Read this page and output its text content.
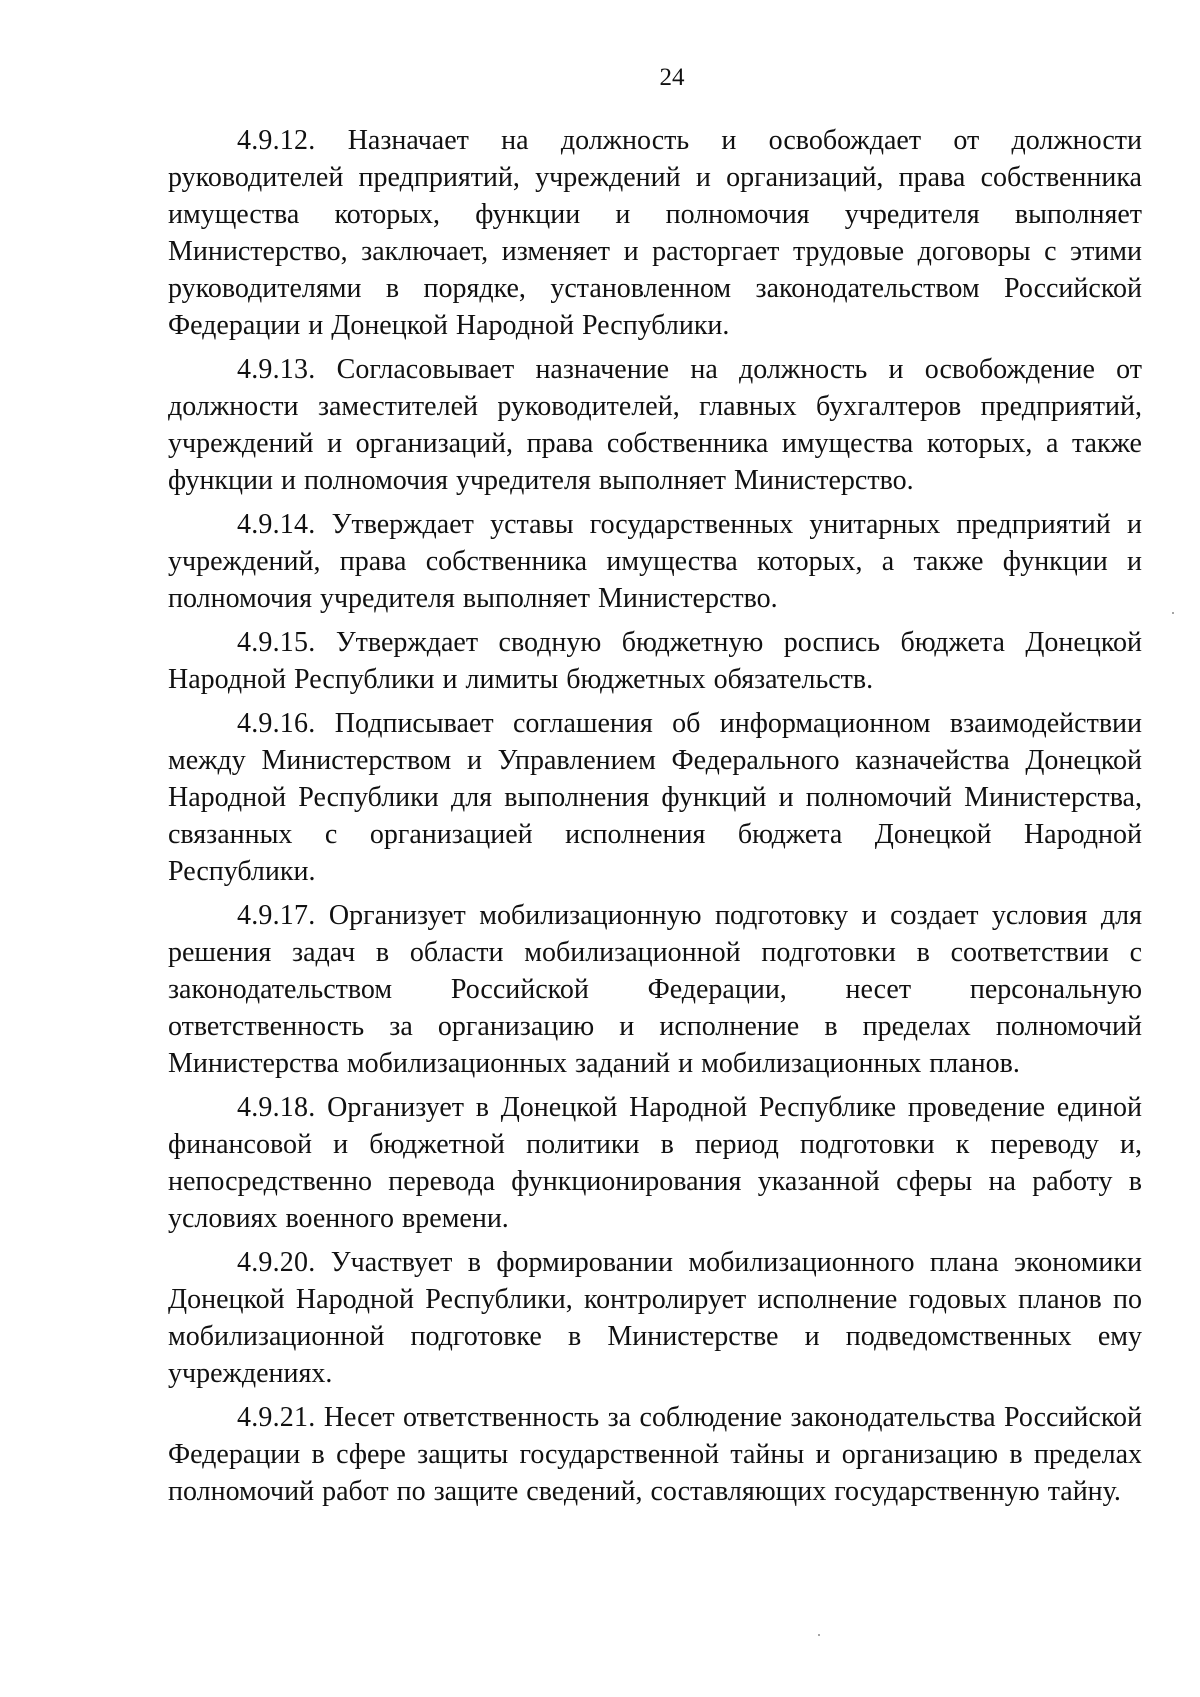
24

4.9.12. Назначает на должность и освобождает от должности руководителей предприятий, учреждений и организаций, права собственника имущества которых, функции и полномочия учредителя выполняет Министерство, заключает, изменяет и расторгает трудовые договоры с этими руководителями в порядке, установленном законодательством Российской Федерации и Донецкой Народной Республики.

4.9.13. Согласовывает назначение на должность и освобождение от должности заместителей руководителей, главных бухгалтеров предприятий, учреждений и организаций, права собственника имущества которых, а также функции и полномочия учредителя выполняет Министерство.

4.9.14. Утверждает уставы государственных унитарных предприятий и учреждений, права собственника имущества которых, а также функции и полномочия учредителя выполняет Министерство.

4.9.15. Утверждает сводную бюджетную роспись бюджета Донецкой Народной Республики и лимиты бюджетных обязательств.

4.9.16. Подписывает соглашения об информационном взаимодействии между Министерством и Управлением Федерального казначейства Донецкой Народной Республики для выполнения функций и полномочий Министерства, связанных с организацией исполнения бюджета Донецкой Народной Республики.

4.9.17. Организует мобилизационную подготовку и создает условия для решения задач в области мобилизационной подготовки в соответствии с законодательством Российской Федерации, несет персональную ответственность за организацию и исполнение в пределах полномочий Министерства мобилизационных заданий и мобилизационных планов.

4.9.18. Организует в Донецкой Народной Республике проведение единой финансовой и бюджетной политики в период подготовки к переводу и, непосредственно перевода функционирования указанной сферы на работу в условиях военного времени.

4.9.20. Участвует в формировании мобилизационного плана экономики Донецкой Народной Республики, контролирует исполнение годовых планов по мобилизационной подготовке в Министерстве и подведомственных ему учреждениях.

4.9.21. Несет ответственность за соблюдение законодательства Российской Федерации в сфере защиты государственной тайны и организацию в пределах полномочий работ по защите сведений, составляющих государственную тайну.
